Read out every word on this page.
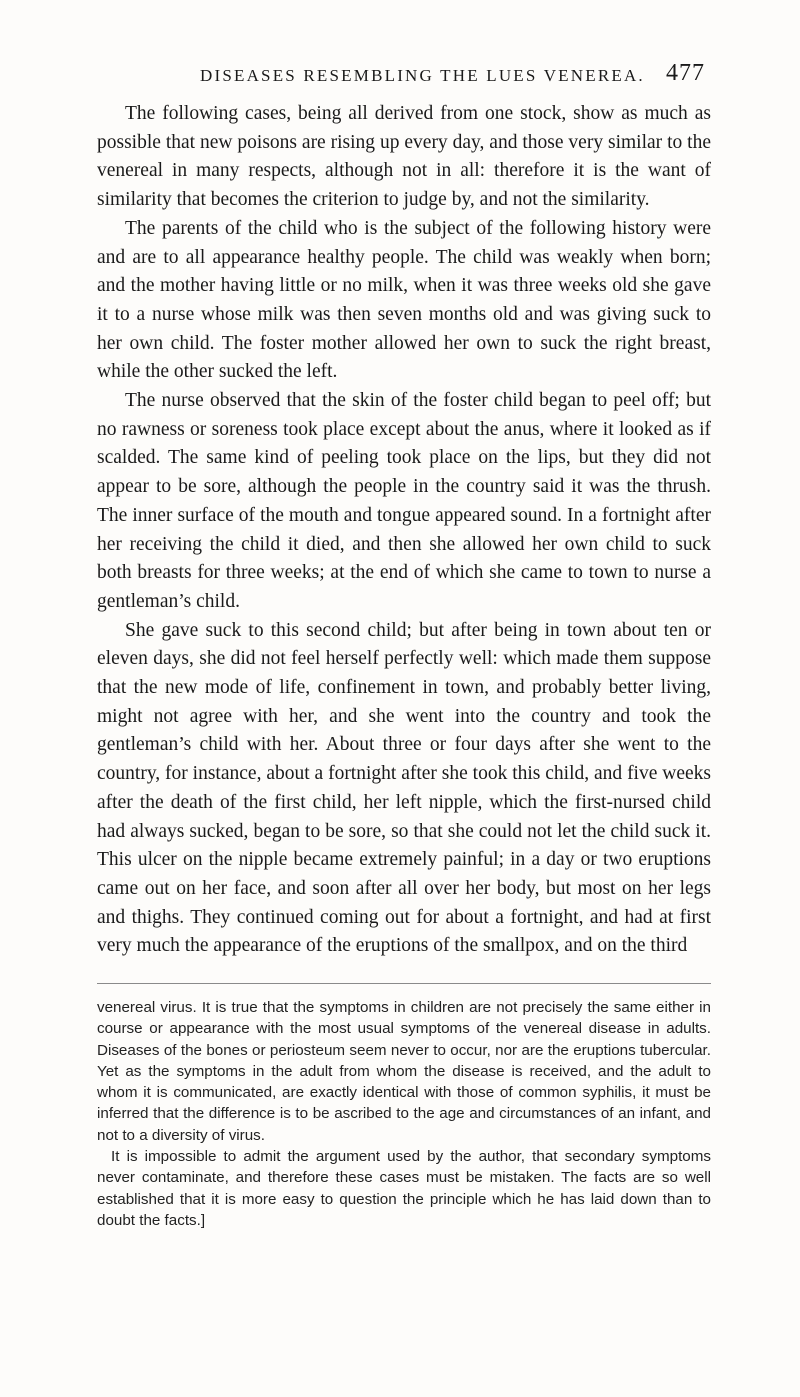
DISEASES RESEMBLING THE LUES VENEREA. 477

The following cases, being all derived from one stock, show as much as possible that new poisons are rising up every day, and those very similar to the venereal in many respects, although not in all: therefore it is the want of similarity that becomes the criterion to judge by, and not the similarity.

The parents of the child who is the subject of the following history were and are to all appearance healthy people. The child was weakly when born; and the mother having little or no milk, when it was three weeks old she gave it to a nurse whose milk was then seven months old and was giving suck to her own child. The foster mother allowed her own to suck the right breast, while the other sucked the left.

The nurse observed that the skin of the foster child began to peel off; but no rawness or soreness took place except about the anus, where it looked as if scalded. The same kind of peeling took place on the lips, but they did not appear to be sore, although the people in the country said it was the thrush. The inner surface of the mouth and tongue appeared sound. In a fortnight after her receiving the child it died, and then she allowed her own child to suck both breasts for three weeks; at the end of which she came to town to nurse a gentleman’s child.

She gave suck to this second child; but after being in town about ten or eleven days, she did not feel herself perfectly well: which made them suppose that the new mode of life, confinement in town, and probably better living, might not agree with her, and she went into the country and took the gentleman’s child with her. About three or four days after she went to the country, for instance, about a fortnight after she took this child, and five weeks after the death of the first child, her left nipple, which the first-nursed child had always sucked, began to be sore, so that she could not let the child suck it. This ulcer on the nipple became extremely painful; in a day or two eruptions came out on her face, and soon after all over her body, but most on her legs and thighs. They continued coming out for about a fortnight, and had at first very much the appearance of the eruptions of the smallpox, and on the third

venereal virus. It is true that the symptoms in children are not precisely the same either in course or appearance with the most usual symptoms of the venereal disease in adults. Diseases of the bones or periosteum seem never to occur, nor are the eruptions tubercular. Yet as the symptoms in the adult from whom the disease is received, and the adult to whom it is communicated, are exactly identical with those of common syphilis, it must be inferred that the difference is to be ascribed to the age and circumstances of an infant, and not to a diversity of virus.

It is impossible to admit the argument used by the author, that secondary symptoms never contaminate, and therefore these cases must be mistaken. The facts are so well established that it is more easy to question the principle which he has laid down than to doubt the facts.]
